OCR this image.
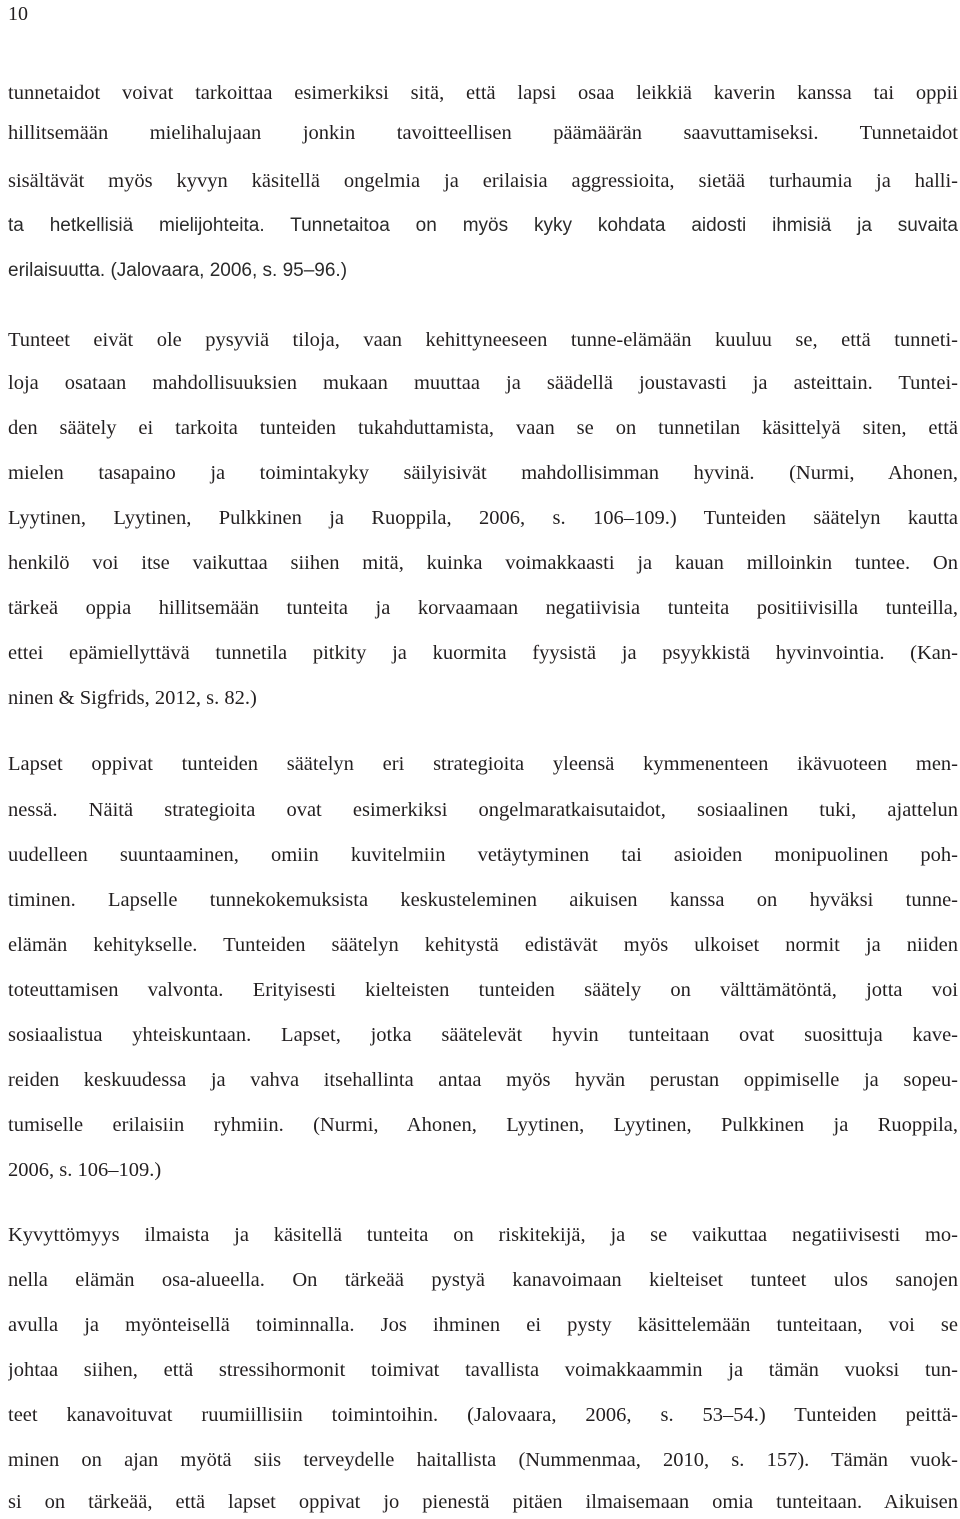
10
tunnetaidot voivat tarkoittaa esimerkiksi sitä, että lapsi osaa leikkiä kaverin kanssa tai oppii
hillitsemään mielihalujaan jonkin tavoitteellisen päämäärän saavuttamiseksi. Tunnetaidot
sisältävät myös kyvyn käsitellä ongelmia ja erilaisia aggressioita, sietää turhaumia ja halli-
ta hetkellisiä mielijohteita. Tunnetaitoa on myös kyky kohdata aidosti ihmisiä ja suvaita
erilaisuutta. (Jalovaara, 2006, s. 95–96.)
Tunteet eivät ole pysyviä tiloja, vaan kehittyneeseen tunne-elämään kuuluu se, että tunneti-
loja osataan mahdollisuuksien mukaan muuttaa ja säädellä joustavasti ja asteittain. Tuntei-
den säätely ei tarkoita tunteiden tukahduttamista, vaan se on tunnetilan käsittelyä siten, että
mielen tasapaino ja toimintakyky säilyisivät mahdollisimman hyvinä. (Nurmi, Ahonen,
Lyytinen, Lyytinen, Pulkkinen ja Ruoppila, 2006, s. 106–109.) Tunteiden säätelyn kautta
henkilö voi itse vaikuttaa siihen mitä, kuinka voimakkaasti ja kauan milloinkin tuntee. On
tärkeä oppia hillitsemään tunteita ja korvaamaan negatiivisia tunteita positiivisilla tunteilla,
ettei epämiellyttävä tunnetila pitkity ja kuormita fyysistä ja psyykkistä hyvinvointia. (Kan-
ninen & Sigfrids, 2012, s. 82.)
Lapset oppivat tunteiden säätelyn eri strategioita yleensä kymmenenteen ikävuoteen men-
nessä. Näitä strategioita ovat esimerkiksi ongelmaratkaisutaidot, sosiaalinen tuki, ajattelun
uudelleen suuntaaminen, omiin kuvitelmiin vetäytyminen tai asioiden monipuolinen poh-
timinen. Lapselle tunnekokemuksista keskusteleminen aikuisen kanssa on hyväksi tunne-
elämän kehitykselle. Tunteiden säätelyn kehitystä edistävät myös ulkoiset normit ja niiden
toteuttamisen valvonta. Erityisesti kielteisten tunteiden säätely on välttämätöntä, jotta voi
sosiaalistua yhteiskuntaan. Lapset, jotka säätelevät hyvin tunteitaan ovat suosittuja kave-
reiden keskuudessa ja vahva itsehallinta antaa myös hyvän perustan oppimiselle ja sopeu-
tumiselle erilaisiin ryhmiin. (Nurmi, Ahonen, Lyytinen, Lyytinen, Pulkkinen ja Ruoppila,
2006, s. 106–109.)
Kyvyttömyys ilmaista ja käsitellä tunteita on riskitekijä, ja se vaikuttaa negatiivisesti mo-
nella elämän osa-alueella. On tärkeää pystyä kanavoimaan kielteiset tunteet ulos sanojen
avulla ja myönteisellä toiminnalla. Jos ihminen ei pysty käsittelemään tunteitaan, voi se
johtaa siihen, että stressihormonit toimivat tavallista voimakkaammin ja tämän vuoksi tun-
teet kanavoituvat ruumiillisiin toimintoihin. (Jalovaara, 2006, s. 53–54.) Tunteiden peittä-
minen on ajan myötä siis terveydelle haitallista (Nummenmaa, 2010, s. 157). Tämän vuok-
si on tärkeää, että lapset oppivat jo pienestä pitäen ilmaisemaan omia tunteitaan. Aikuisen
